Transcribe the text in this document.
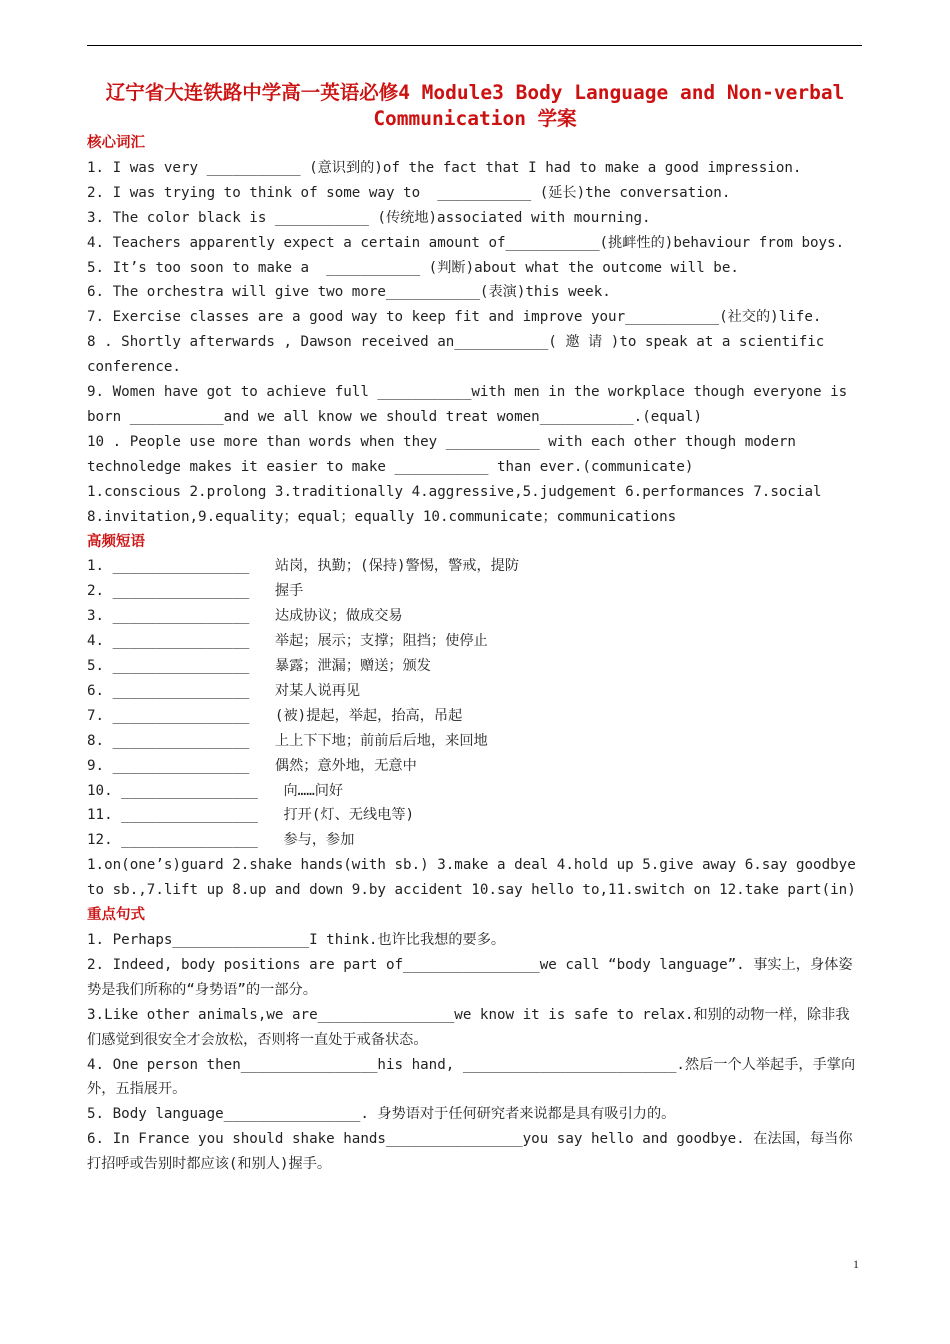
辽宁省大连铁路中学高一英语必修4 Module3 Body Language and Non-verbal
Communication 学案
核心词汇
1. I was very ___________ (意识到的)of the fact that I had to make a good impression.
2. I was trying to think of some way to  ___________ (延长)the conversation.
3. The color black is ___________ (传统地)associated with mourning.
4. Teachers apparently expect a certain amount of___________(挑衅性的)behaviour from boys.
5. It’s too soon to make a  ___________ (判断)about what the outcome will be.
6. The orchestra will give two more___________(表演)this week.
7. Exercise classes are a good way to keep fit and improve your___________(社交的)life.
8 . Shortly afterwards , Dawson received an___________( 邀 请 )to speak at a scientific conference.
9. Women have got to achieve full ___________with men in the workplace though everyone is born ___________and we all know we should treat women___________.(equal)
10 . People use more than words when they ___________ with each other though modern technoledge makes it easier to make ___________ than ever.(communicate)
1.conscious 2.prolong 3.traditionally 4.aggressive,5.judgement 6.performances 7.social 8.invitation,9.equality；equal；equally 10.communicate；communications
高频短语
1. ________________ 站岗，执勤；(保持)警惕，警戒，提防
2. ________________ 握手
3. ________________ 达成协议；做成交易
4. ________________ 举起；展示；支撑；阻挡；使停止
5. ________________ 暴露；泄漏；赠送；颁发
6. ________________ 对某人说再见
7. ________________ (被)提起，举起，抬高，吊起
8. ________________ 上上下下地；前前后后地，来回地
9. ________________ 偶然；意外地，无意中
10. ________________ 向……问好
11. ________________ 打开(灯、无线电等)
12. ________________ 参与，参加
1.on(one’s)guard 2.shake hands(with sb.) 3.make a deal 4.hold up 5.give away 6.say goodbye to sb.,7.lift up 8.up and down 9.by accident 10.say hello to,11.switch on 12.take part(in)
重点句式
1. Perhaps________________I think.也许比我想的要多。
2. Indeed, body positions are part of________________we call “body language”. 事实上，身体姿势是我们所称的“身势语”的一部分。
3.Like other animals,we are________________we know it is safe to relax.和别的动物一样，除非我们感觉到很安全才会放松，否则将一直处于戒备状态。
4. One person then________________his hand, _________________________.然后一个人举起手，手掌向外，五指展开。
5. Body language________________. 身势语对于任何研究者来说都是具有吸引力的。
6. In France you should shake hands________________you say hello and goodbye. 在法国，每当你打招呼或告别时都应该(和别人)握手。
1
